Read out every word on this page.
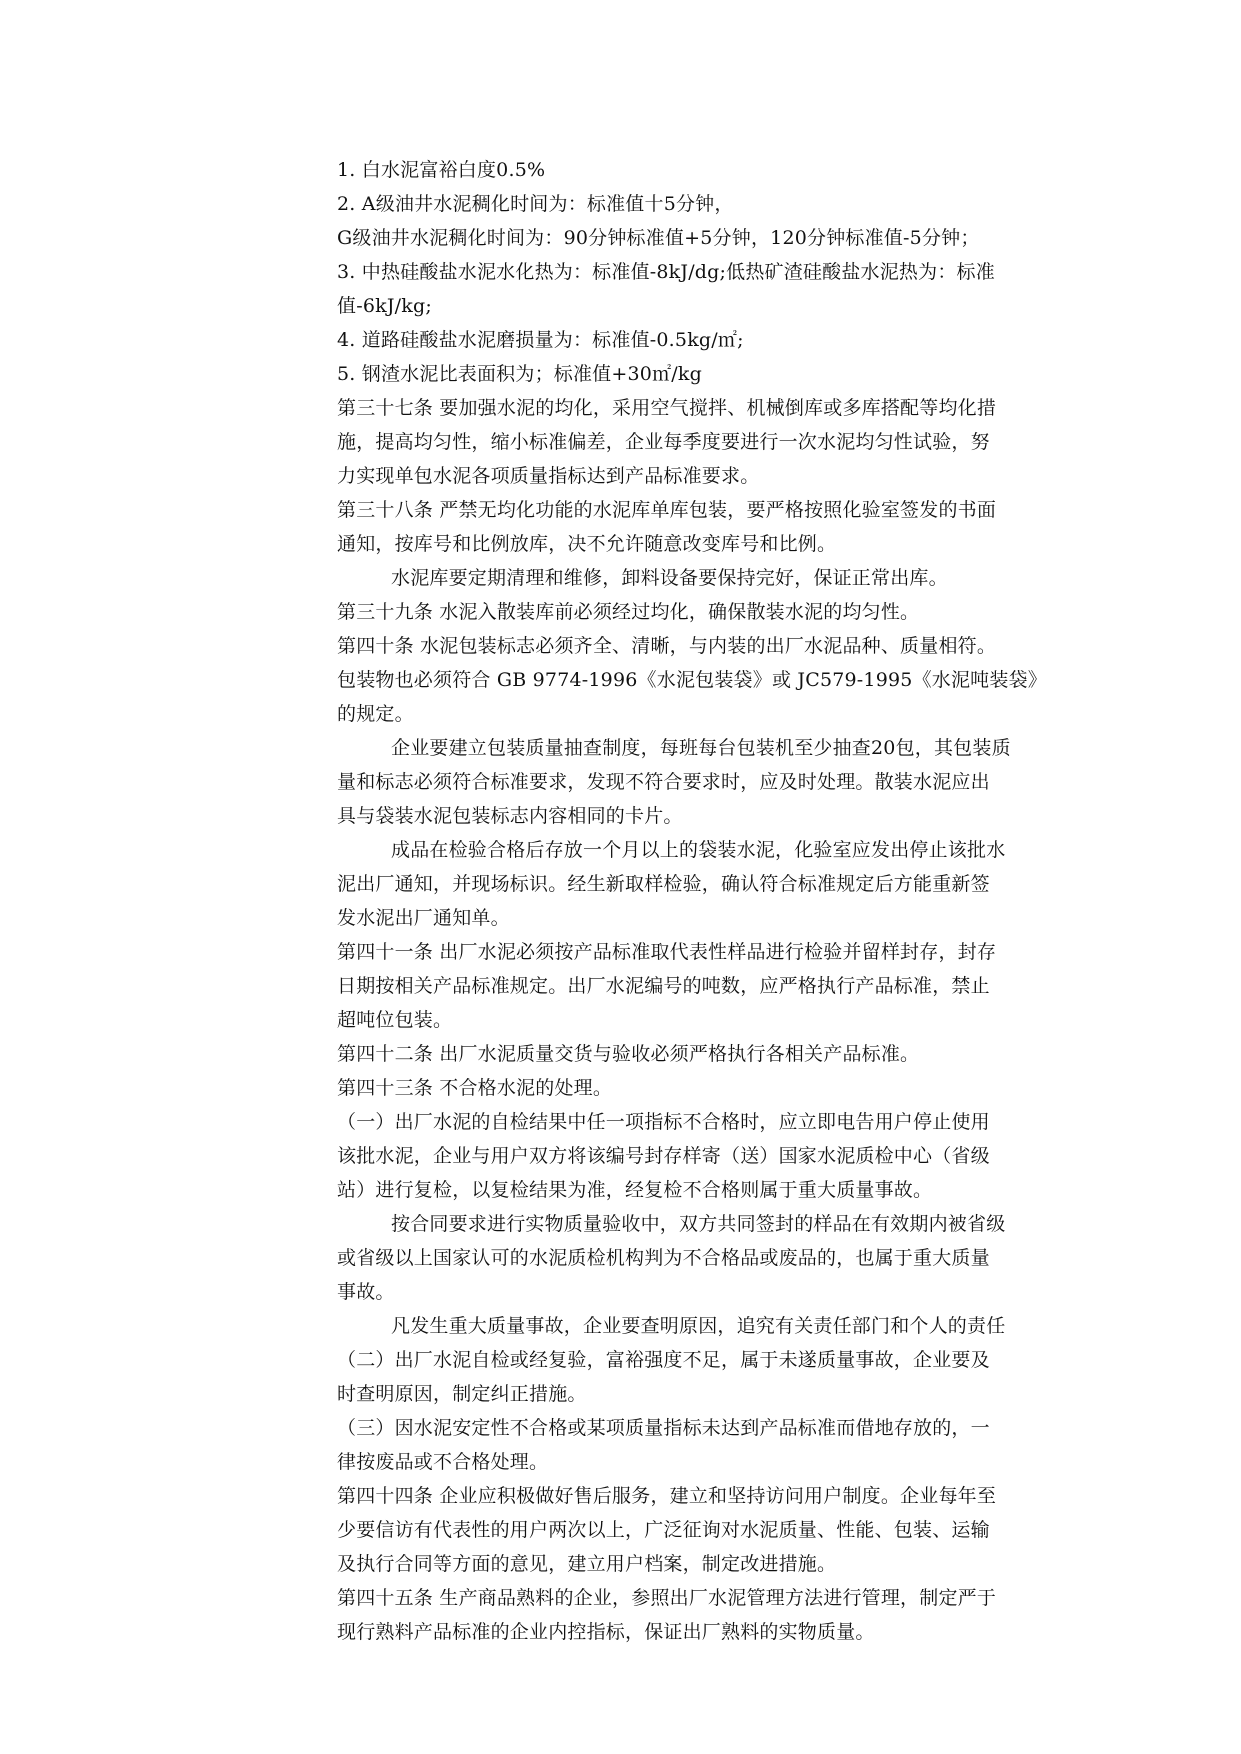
1. 白水泥富裕白度0.5%
2. A级油井水泥稠化时间为：标准值十5分钟，
G级油井水泥稠化时间为：90分钟标准值+5分钟，120分钟标准值-5分钟；
3. 中热硅酸盐水泥水化热为：标准值-8kJ/dg;低热矿渣硅酸盐水泥热为：标准
值-6kJ/kg;
4. 道路硅酸盐水泥磨损量为：标准值-0.5kg/㎡;
5. 钢渣水泥比表面积为；标准值+30㎡/kg
第三十七条 要加强水泥的均化，采用空气搅拌、机械倒库或多库搭配等均化措
施，提高均匀性，缩小标准偏差，企业每季度要进行一次水泥均匀性试验，努
力实现单包水泥各项质量指标达到产品标准要求。
第三十八条 严禁无均化功能的水泥库单库包装，要严格按照化验室签发的书面
通知，按库号和比例放库，决不允许随意改变库号和比例。
水泥库要定期清理和维修，卸料设备要保持完好，保证正常出库。
第三十九条 水泥入散装库前必须经过均化，确保散装水泥的均匀性。
第四十条 水泥包装标志必须齐全、清晰，与内装的出厂水泥品种、质量相符。
包装物也必须符合 GB 9774-1996《水泥包装袋》或 JC579-1995《水泥吨装袋》
的规定。
企业要建立包装质量抽查制度，每班每台包装机至少抽查20包，其包装质
量和标志必须符合标准要求，发现不符合要求时，应及时处理。散装水泥应出
具与袋装水泥包装标志内容相同的卡片。
成品在检验合格后存放一个月以上的袋装水泥，化验室应发出停止该批水
泥出厂通知，并现场标识。经生新取样检验，确认符合标准规定后方能重新签
发水泥出厂通知单。
第四十一条 出厂水泥必须按产品标准取代表性样品进行检验并留样封存，封存
日期按相关产品标准规定。出厂水泥编号的吨数，应严格执行产品标准，禁止
超吨位包装。
第四十二条 出厂水泥质量交货与验收必须严格执行各相关产品标准。
第四十三条 不合格水泥的处理。
（一）出厂水泥的自检结果中任一项指标不合格时，应立即电告用户停止使用
该批水泥，企业与用户双方将该编号封存样寄（送）国家水泥质检中心（省级
站）进行复检，以复检结果为准，经复检不合格则属于重大质量事故。
按合同要求进行实物质量验收中，双方共同签封的样品在有效期内被省级
或省级以上国家认可的水泥质检机构判为不合格品或废品的，也属于重大质量
事故。
凡发生重大质量事故，企业要查明原因，追究有关责任部门和个人的责任
（二）出厂水泥自检或经复验，富裕强度不足，属于未遂质量事故，企业要及
时查明原因，制定纠正措施。
（三）因水泥安定性不合格或某项质量指标未达到产品标准而借地存放的，一
律按废品或不合格处理。
第四十四条 企业应积极做好售后服务，建立和坚持访问用户制度。企业每年至
少要信访有代表性的用户两次以上，广泛征询对水泥质量、性能、包装、运输
及执行合同等方面的意见，建立用户档案，制定改进措施。
第四十五条 生产商品熟料的企业，参照出厂水泥管理方法进行管理，制定严于
现行熟料产品标准的企业内控指标，保证出厂熟料的实物质量。
